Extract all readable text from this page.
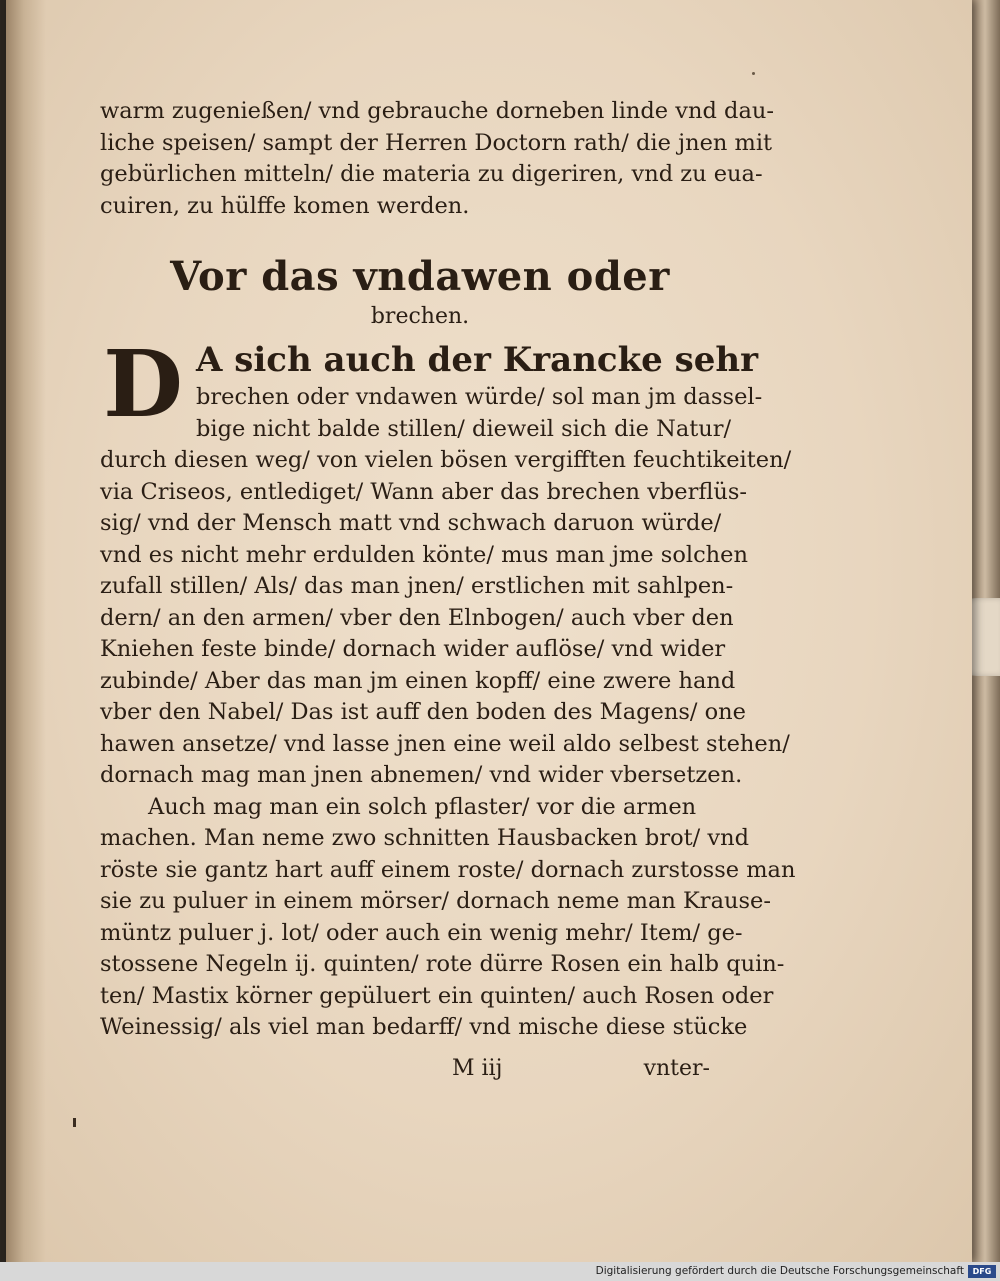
warm zugenießen/ vnd gebrauche dorneben linde vnd dau-
liche speisen/ sampt der Herren Doctorn rath/ die jnen mit
gebürlichen mitteln/ die materia zu digeriren, vnd zu eua-
cuiren, zu hülffe komen werden.
Vor das vndawen oder
brechen.
D A sich auch der Krancke sehr
brechen oder vndawen würde/ sol man jm dassel-
bige nicht balde stillen/ dieweil sich die Natur/
durch diesen weg/ von vielen bösen vergifften feuchtikeiten/
via Criseos, entlediget/ Wann aber das brechen vberflüs-
sig/ vnd der Mensch matt vnd schwach daruon würde/
vnd es nicht mehr erdulden könte/ mus man jme solchen
zufall stillen/ Als/ das man jnen/ erstlichen mit sahlpen-
dern/ an den armen/ vber den Elnbogen/ auch vber den
Kniehen feste binde/ dornach wider auflöse/ vnd wider
zubinde/ Aber das man jm einen kopff/ eine zwere hand
vber den Nabel/ Das ist auff den boden des Magens/ one
hawen ansetze/ vnd lasse jnen eine weil aldo selbest stehen/
dornach mag man jnen abnemen/ vnd wider vbersetzen.
Auch mag man ein solch pflaster/ vor die armen
machen. Man neme zwo schnitten Hausbacken brot/ vnd
röste sie gantz hart auff einem roste/ dornach zurstosse man
sie zu puluer in einem mörser/ dornach neme man Krause-
müntz puluer j. lot/ oder auch ein wenig mehr/ Item/ ge-
stossene Negeln ij. quinten/ rote dürre Rosen ein halb quin-
ten/ Mastix körner gepüluert ein quinten/ auch Rosen oder
Weinessig/ als viel man bedarff/ vnd mische diese stücke
M iij	vnter-
Digitalisierung gefördert durch die Deutsche Forschungsgemeinschaft	DFG
